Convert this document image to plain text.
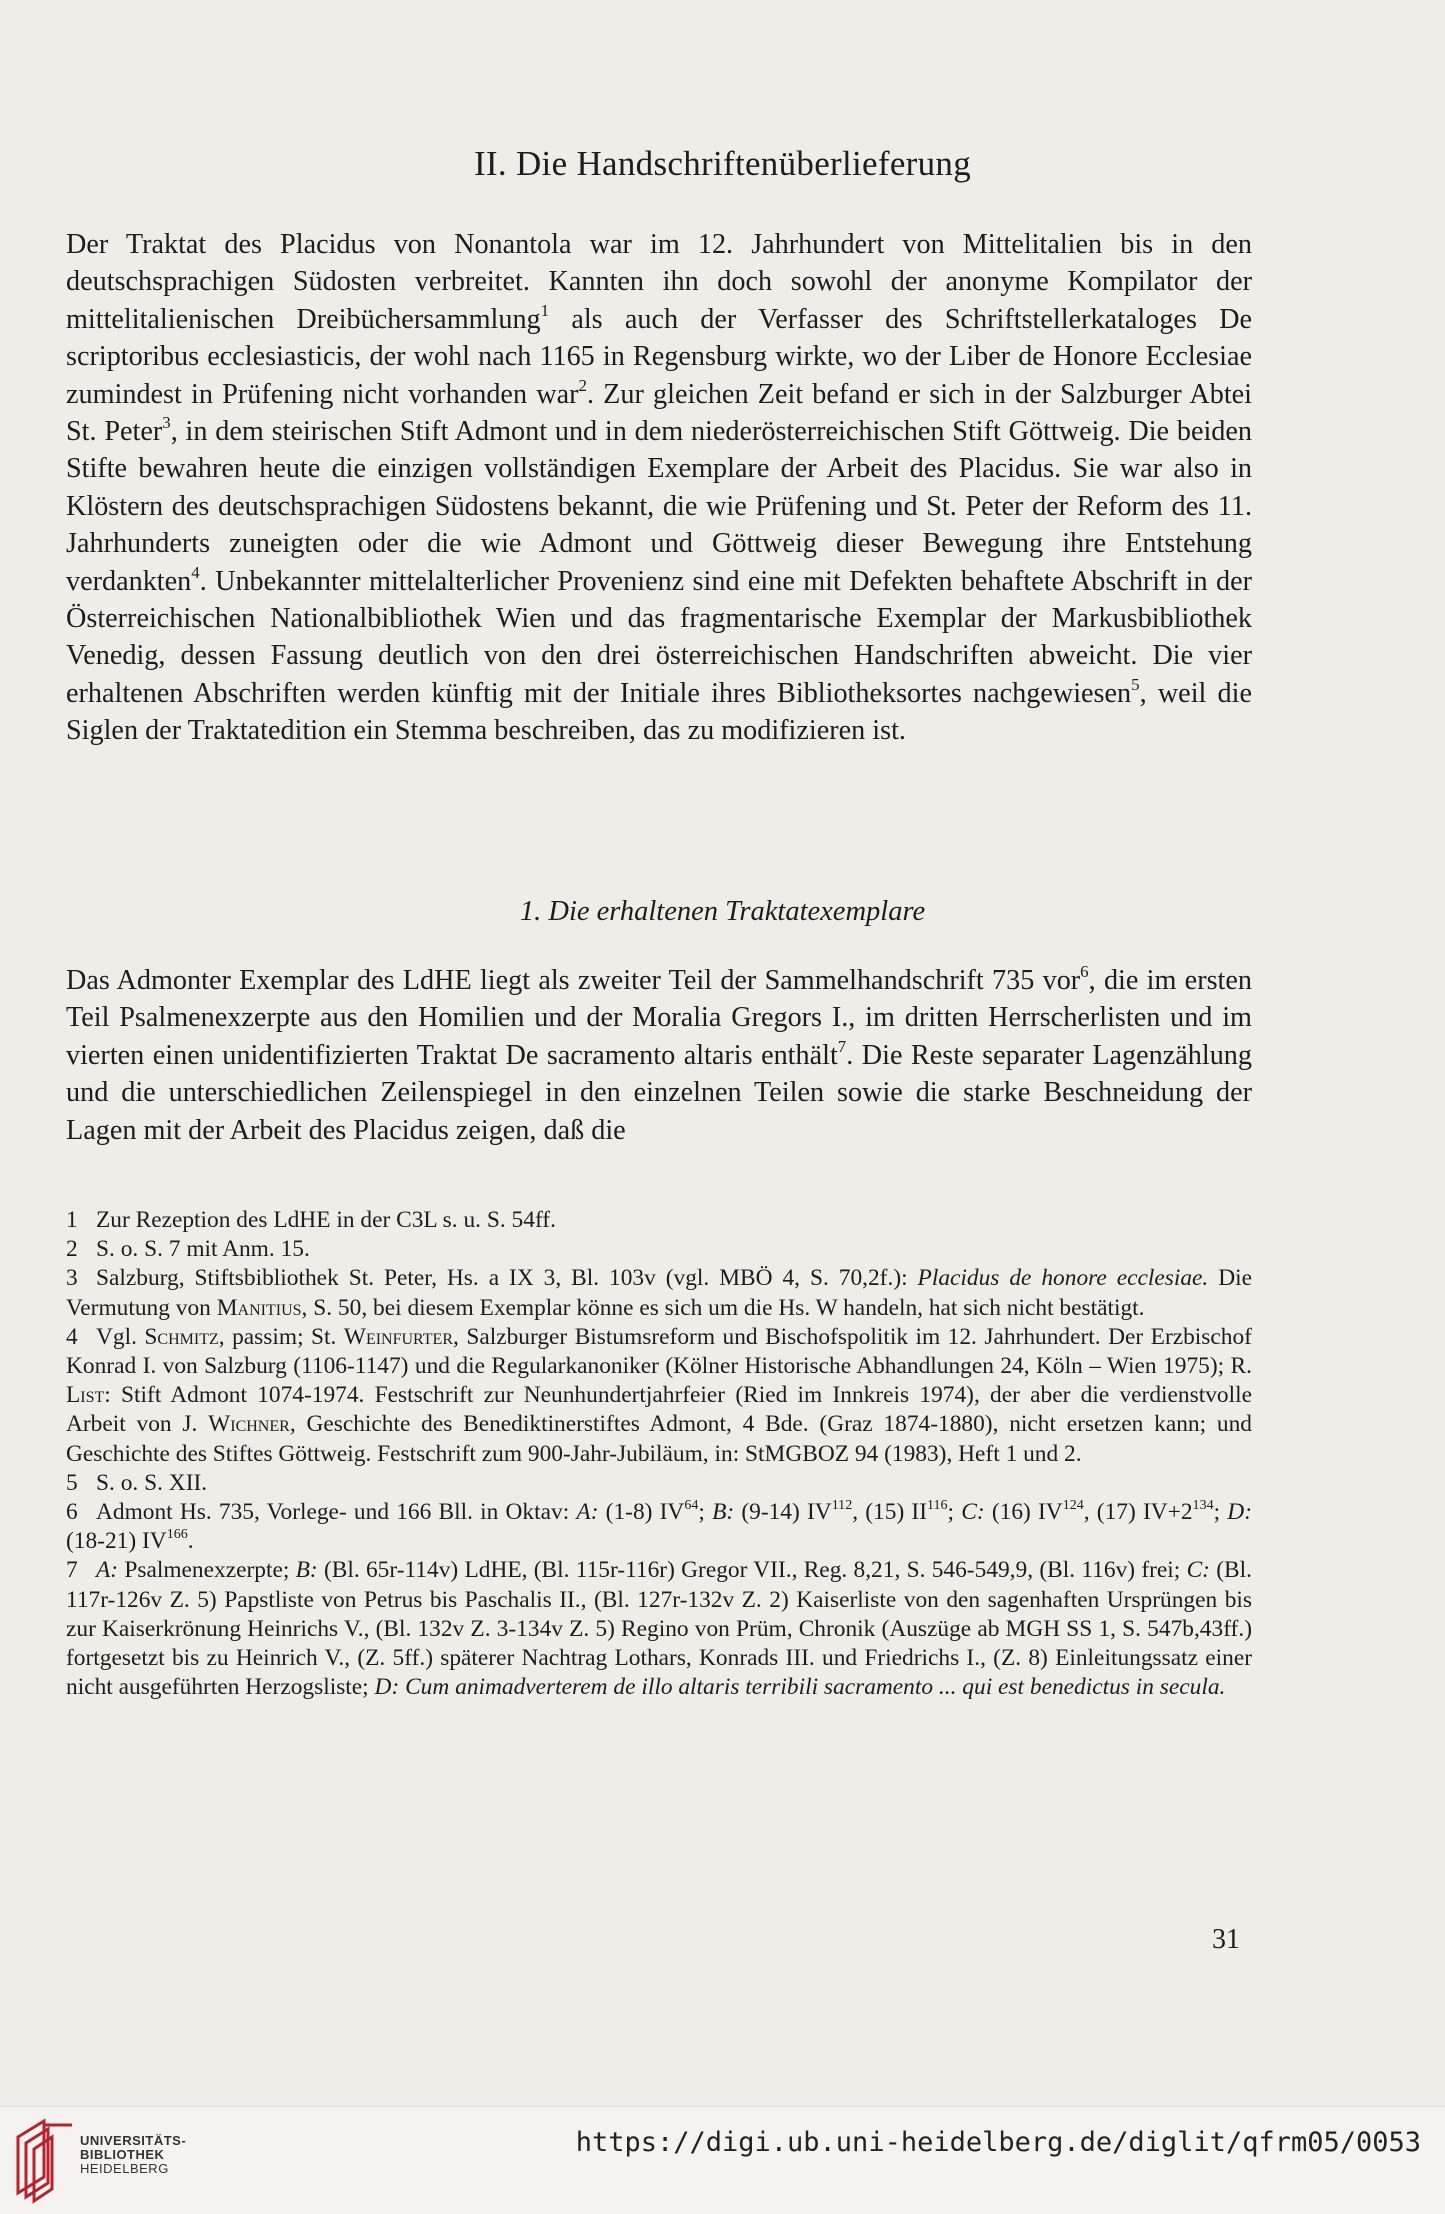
II. Die Handschriftenüberlieferung
Der Traktat des Placidus von Nonantola war im 12. Jahrhundert von Mittelitalien bis in den deutschsprachigen Südosten verbreitet. Kannten ihn doch sowohl der anonyme Kompilator der mittelitalienischen Dreibüchersammlung$^1$ als auch der Verfasser des Schriftstellerkataloges De scriptoribus ecclesiasticis, der wohl nach 1165 in Regensburg wirkte, wo der Liber de Honore Ecclesiae zumindest in Prüfening nicht vorhanden war$^2$. Zur gleichen Zeit befand er sich in der Salzburger Abtei St. Peter$^3$, in dem steirischen Stift Admont und in dem niederösterreichischen Stift Göttweig. Die beiden Stifte bewahren heute die einzigen vollständigen Exemplare der Arbeit des Placidus. Sie war also in Klöstern des deutschsprachigen Südostens bekannt, die wie Prüfening und St. Peter der Reform des 11. Jahrhunderts zuneigten oder die wie Admont und Göttweig dieser Bewegung ihre Entstehung verdankten$^4$. Unbekannter mittelalterlicher Provenienz sind eine mit Defekten behaftete Abschrift in der Österreichischen Nationalbibliothek Wien und das fragmentarische Exemplar der Markusbibliothek Venedig, dessen Fassung deutlich von den drei österreichischen Handschriften abweicht. Die vier erhaltenen Abschriften werden künftig mit der Initiale ihres Bibliotheksortes nachgewiesen$^5$, weil die Siglen der Traktatedition ein Stemma beschreiben, das zu modifizieren ist.
1. Die erhaltenen Traktatexemplare
Das Admonter Exemplar des LdHE liegt als zweiter Teil der Sammelhandschrift 735 vor$^6$, die im ersten Teil Psalmenexzerpte aus den Homilien und der Moralia Gregors I., im dritten Herrscherlisten und im vierten einen unidentifizierten Traktat De sacramento altaris enthält$^7$. Die Reste separater Lagenzählung und die unterschiedlichen Zeilenspiegel in den einzelnen Teilen sowie die starke Beschneidung der Lagen mit der Arbeit des Placidus zeigen, daß die
1 Zur Rezeption des LdHE in der C3L s. u. S. 54ff.
2 S. o. S. 7 mit Anm. 15.
3 Salzburg, Stiftsbibliothek St. Peter, Hs. a IX 3, Bl. 103v (vgl. MBÖ 4, S. 70,2f.): Placidus de honore ecclesiae. Die Vermutung von Manitius, S. 50, bei diesem Exemplar könne es sich um die Hs. W handeln, hat sich nicht bestätigt.
4 Vgl. Schmitz, passim; St. Weinfurter, Salzburger Bistumsreform und Bischofspolitik im 12. Jahrhundert. Der Erzbischof Konrad I. von Salzburg (1106-1147) und die Regularkanoniker (Kölner Historische Abhandlungen 24, Köln – Wien 1975); R. List: Stift Admont 1074-1974. Festschrift zur Neunhundertjahrfeier (Ried im Innkreis 1974), der aber die verdienstvolle Arbeit von J. Wichner, Geschichte des Benediktinerstiftes Admont, 4 Bde. (Graz 1874-1880), nicht ersetzen kann; und Geschichte des Stiftes Göttweig. Festschrift zum 900-Jahr-Jubiläum, in: StMGBOZ 94 (1983), Heft 1 und 2.
5 S. o. S. XII.
6 Admont Hs. 735, Vorlege- und 166 Bll. in Oktav: A: (1-8) IV$^{64}$; B: (9-14) IV$^{112}$, (15) II$^{116}$; C: (16) IV$^{124}$, (17) $IV+2^{134}$; D: (18-21) IV$^{166}$.
7 A: Psalmenexzerpte; B: (Bl. 65r-114v) LdHE, (Bl. 115r-116r) Gregor VII., Reg. 8,21, S. 546-549,9, (Bl. 116v) frei; C: (Bl. 117r-126v Z. 5) Papstliste von Petrus bis Paschalis II., (Bl. 127r-132v Z. 2) Kaiserliste von den sagenhaften Ursprüngen bis zur Kaiserkrönung Heinrichs V., (Bl. 132v Z. 3-134v Z. 5) Regino von Prüm, Chronik (Auszüge ab MGH SS 1, S. 547b,43ff.) fortgesetzt bis zu Heinrich V., (Z. 5ff.) späterer Nachtrag Lothars, Konrads III. und Friedrichs I., (Z. 8) Einleitungssatz einer nicht ausgeführten Herzogsliste; D: Cum animadverterem de illo altaris terribili sacramento ... qui est benedictus in secula.
31
UNIVERSITÄTS-
BIBLIOTHEK
HEIDELBERG
https://digi.ub.uni-heidelberg.de/diglit/qfrm05/0053
